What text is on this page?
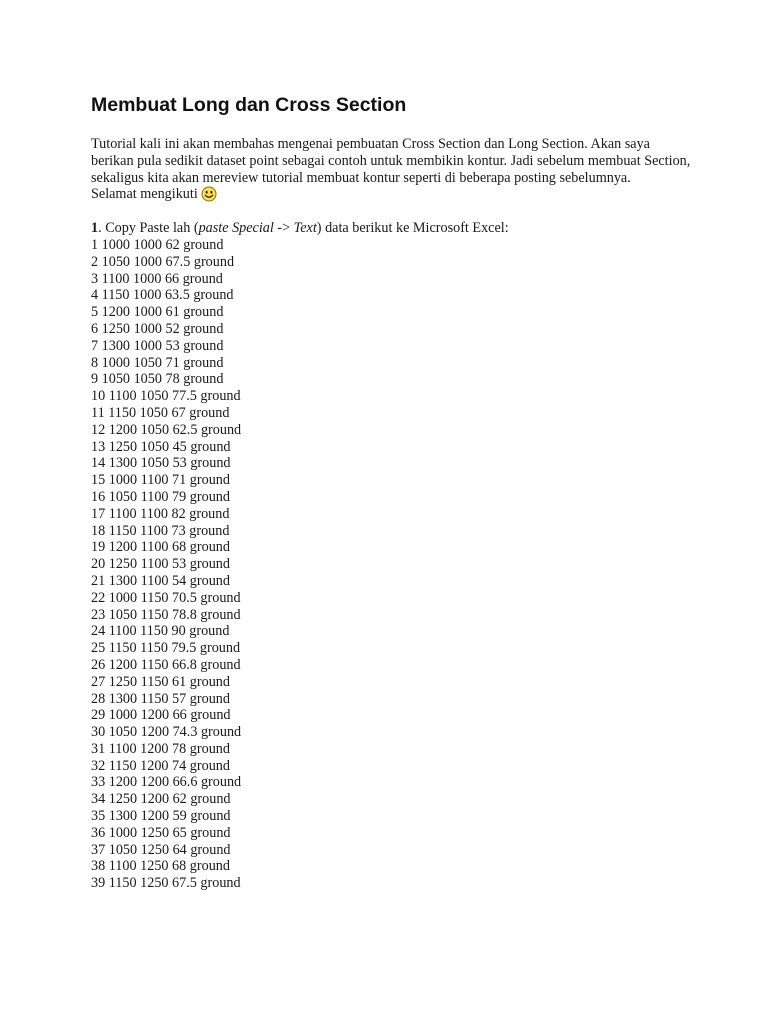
Membuat Long dan Cross Section

Tutorial kali ini akan membahas mengenai pembuatan Cross Section dan Long Section. Akan saya berikan pula sedikit dataset point sebagai contoh untuk membikin kontur. Jadi sebelum membuat Section, sekaligus kita akan mereview tutorial membuat kontur seperti di beberapa posting sebelumnya.

Selamat mengikuti

1. Copy Paste lah (paste Special -> Text) data berikut ke Microsoft Excel:

1 1000 1000 62 ground
2 1050 1000 67.5 ground
3 1100 1000 66 ground
4 1150 1000 63.5 ground
5 1200 1000 61 ground
6 1250 1000 52 ground
7 1300 1000 53 ground
8 1000 1050 71 ground
9 1050 1050 78 ground
10 1100 1050 77.5 ground
11 1150 1050 67 ground
12 1200 1050 62.5 ground
13 1250 1050 45 ground
14 1300 1050 53 ground
15 1000 1100 71 ground
16 1050 1100 79 ground
17 1100 1100 82 ground
18 1150 1100 73 ground
19 1200 1100 68 ground
20 1250 1100 53 ground
21 1300 1100 54 ground
22 1000 1150 70.5 ground
23 1050 1150 78.8 ground
24 1100 1150 90 ground
25 1150 1150 79.5 ground
26 1200 1150 66.8 ground
27 1250 1150 61 ground
28 1300 1150 57 ground
29 1000 1200 66 ground
30 1050 1200 74.3 ground
31 1100 1200 78 ground
32 1150 1200 74 ground
33 1200 1200 66.6 ground
34 1250 1200 62 ground
35 1300 1200 59 ground
36 1000 1250 65 ground
37 1050 1250 64 ground
38 1100 1250 68 ground
39 1150 1250 67.5 ground
